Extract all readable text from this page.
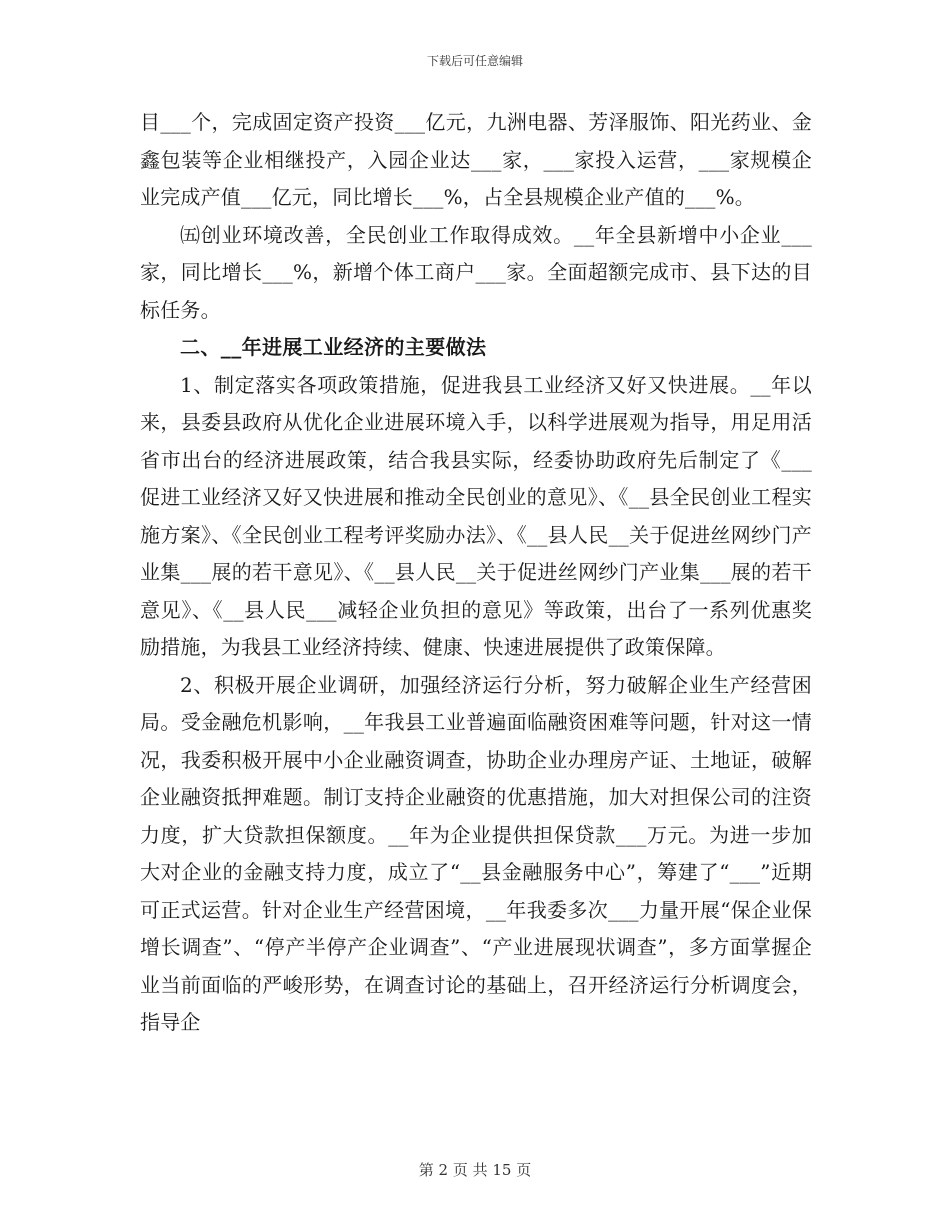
下载后可任意编辑

目___个，完成固定资产投资___亿元，九洲电器、芳泽服饰、阳光药业、金鑫包装等企业相继投产，入园企业达___家，___家投入运营，___家规模企业完成产值___亿元，同比增长___%，占全县规模企业产值的___%。

㈤创业环境改善，全民创业工作取得成效。__年全县新增中小企业___家，同比增长___%，新增个体工商户___家。全面超额完成市、县下达的目标任务。

二、__年进展工业经济的主要做法

1、制定落实各项政策措施，促进我县工业经济又好又快进展。__年以来，县委县政府从优化企业进展环境入手，以科学进展观为指导，用足用活省市出台的经济进展政策，结合我县实际，经委协助政府先后制定了《___促进工业经济又好又快进展和推动全民创业的意见》、《__县全民创业工程实施方案》、《全民创业工程考评奖励办法》、《__县人民__关于促进丝网纱门产业集___展的若干意见》、《__县人民__关于促进丝网纱门产业集___展的若干意见》、《__县人民___减轻企业负担的意见》等政策，出台了一系列优惠奖励措施，为我县工业经济持续、健康、快速进展提供了政策保障。

2、积极开展企业调研，加强经济运行分析，努力破解企业生产经营困局。受金融危机影响，__年我县工业普遍面临融资困难等问题，针对这一情况，我委积极开展中小企业融资调查，协助企业办理房产证、土地证，破解企业融资抵押难题。制订支持企业融资的优惠措施，加大对担保公司的注资力度，扩大贷款担保额度。__年为企业提供担保贷款___万元。为进一步加大对企业的金融支持力度，成立了“__县金融服务中心”，筹建了“___”近期可正式运营。针对企业生产经营困境，__年我委多次___力量开展“保企业保增长调查”、“停产半停产企业调查”、“产业进展现状调查”，多方面掌握企业当前面临的严峻形势，在调查讨论的基础上，召开经济运行分析调度会，指导企

第 2 页 共 15 页
